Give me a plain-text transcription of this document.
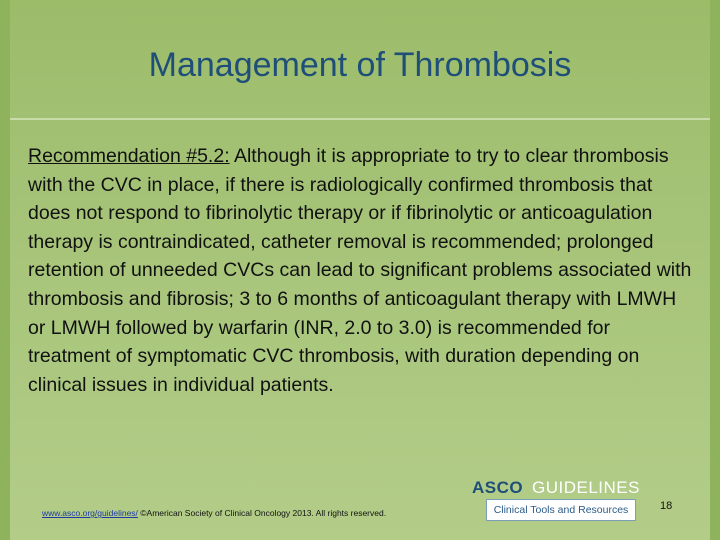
Management of Thrombosis

Recommendation #5.2: Although it is appropriate to try to clear thrombosis with the CVC in place, if there is radiologically confirmed thrombosis that does not respond to fibrinolytic therapy or if fibrinolytic or anticoagulation therapy is contraindicated, catheter removal is recommended; prolonged retention of unneeded CVCs can lead to significant problems associated with thrombosis and fibrosis; 3 to 6 months of anticoagulant therapy with LMWH or LMWH followed by warfarin (INR, 2.0 to 3.0) is recommended for treatment of symptomatic CVC thrombosis, with duration depending on clinical issues in individual patients.

www.asco.org/guidelines/ ©American Society of Clinical Oncology 2013. All rights reserved.
ASCO GUIDELINES
Clinical Tools and Resources	18
